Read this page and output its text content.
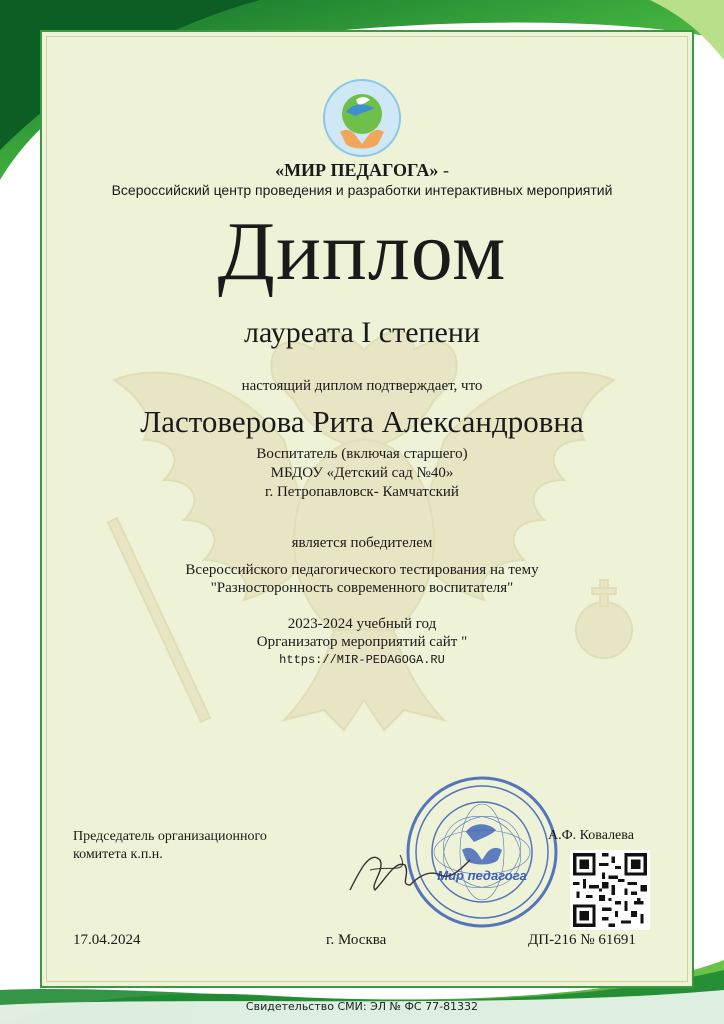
«МИР ПЕДАГОГА» -
Всероссийский центр проведения и разработки интерактивных мероприятий
Диплом
лауреата I степени
настоящий диплом подтверждает, что
Ластоверова Рита Александровна
Воспитатель (включая старшего)
МБДОУ «Детский сад №40»
г. Петропавловск- Камчатский
является победителем
Всероссийского педагогического тестирования на тему
"Разносторонность современного воспитателя"
2023-2024 учебный год
Организатор мероприятий сайт "
https://MIR-PEDAGOGA.RU
Председатель организационного
комитета к.п.н.
Мир педагога
А.Ф. Ковалева
17.04.2024	г. Москва	ДП-216 № 61691
Свидетельство СМИ: ЭЛ № ФС 77-81332
